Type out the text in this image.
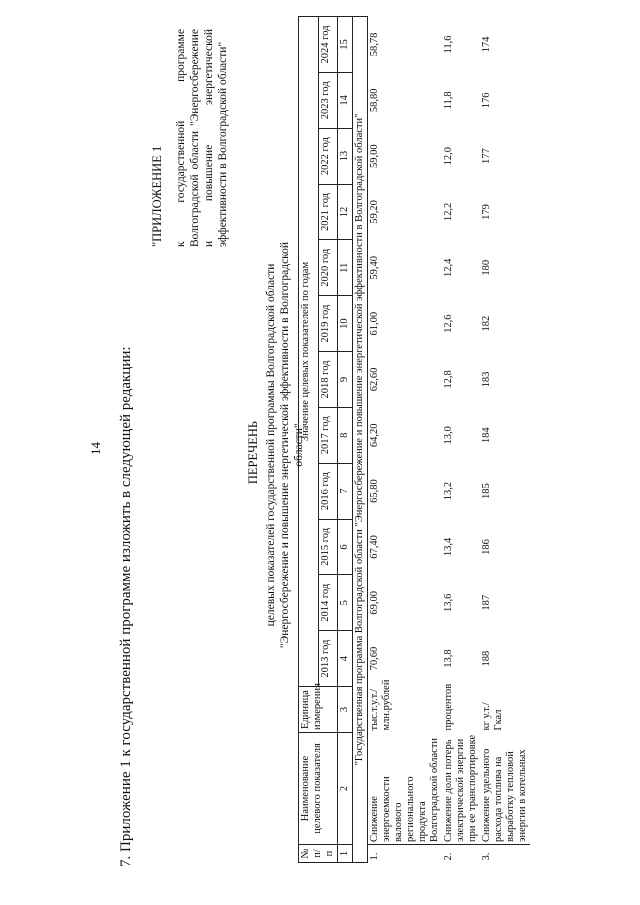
14 7. Приложение 1 к государственной программе изложить в следующей редакции:
"ПРИЛОЖЕНИЕ 1 к государственной программе Волгоградской области "Энергосбережение и повышение энергетической эффективности в Волгоградской области"
ПЕРЕЧЕНЬ целевых показателей государственной программы Волгоградской области "Энергосбережение и повышение энергетической эффективности в Волгоградской области"
№ п/п	Наименование целевого показателя	Единица измерения	Значение целевых показателей по годам											
			2013 год	2014 год	2015 год	2016 год	2017 год	2018 год	2019 год	2020 год	2021 год	2022 год	2023 год	2024 год
1	2	3	4	5	6	7	8	9	10	11	12	13	14	15
"Государственная программа Волгоградской области "Энергосбережение и повышение энергетической эффективности в Волгоградской области"														
1.	Снижение энергоемкости валового регионального продукта Волгоградской области	тыс.т.у.т./ млн.рублей	70,60	69,00	67,40	65,80	64,20	62,60	61,00	59,40	59,20	59,00	58,80	58,78
2.	Снижение доли потерь электрической энергии при ее транспортировке	процентов	13,8	13,6	13,4	13,2	13,0	12,8	12,6	12,4	12,2	12,0	11,8	11,6
3.	Снижение удельного расхода топлива на выработку тепловой энергии в котельных	кг у.т./ Гкал	188	187	186	185	184	183	182	180	179	177	176	174
